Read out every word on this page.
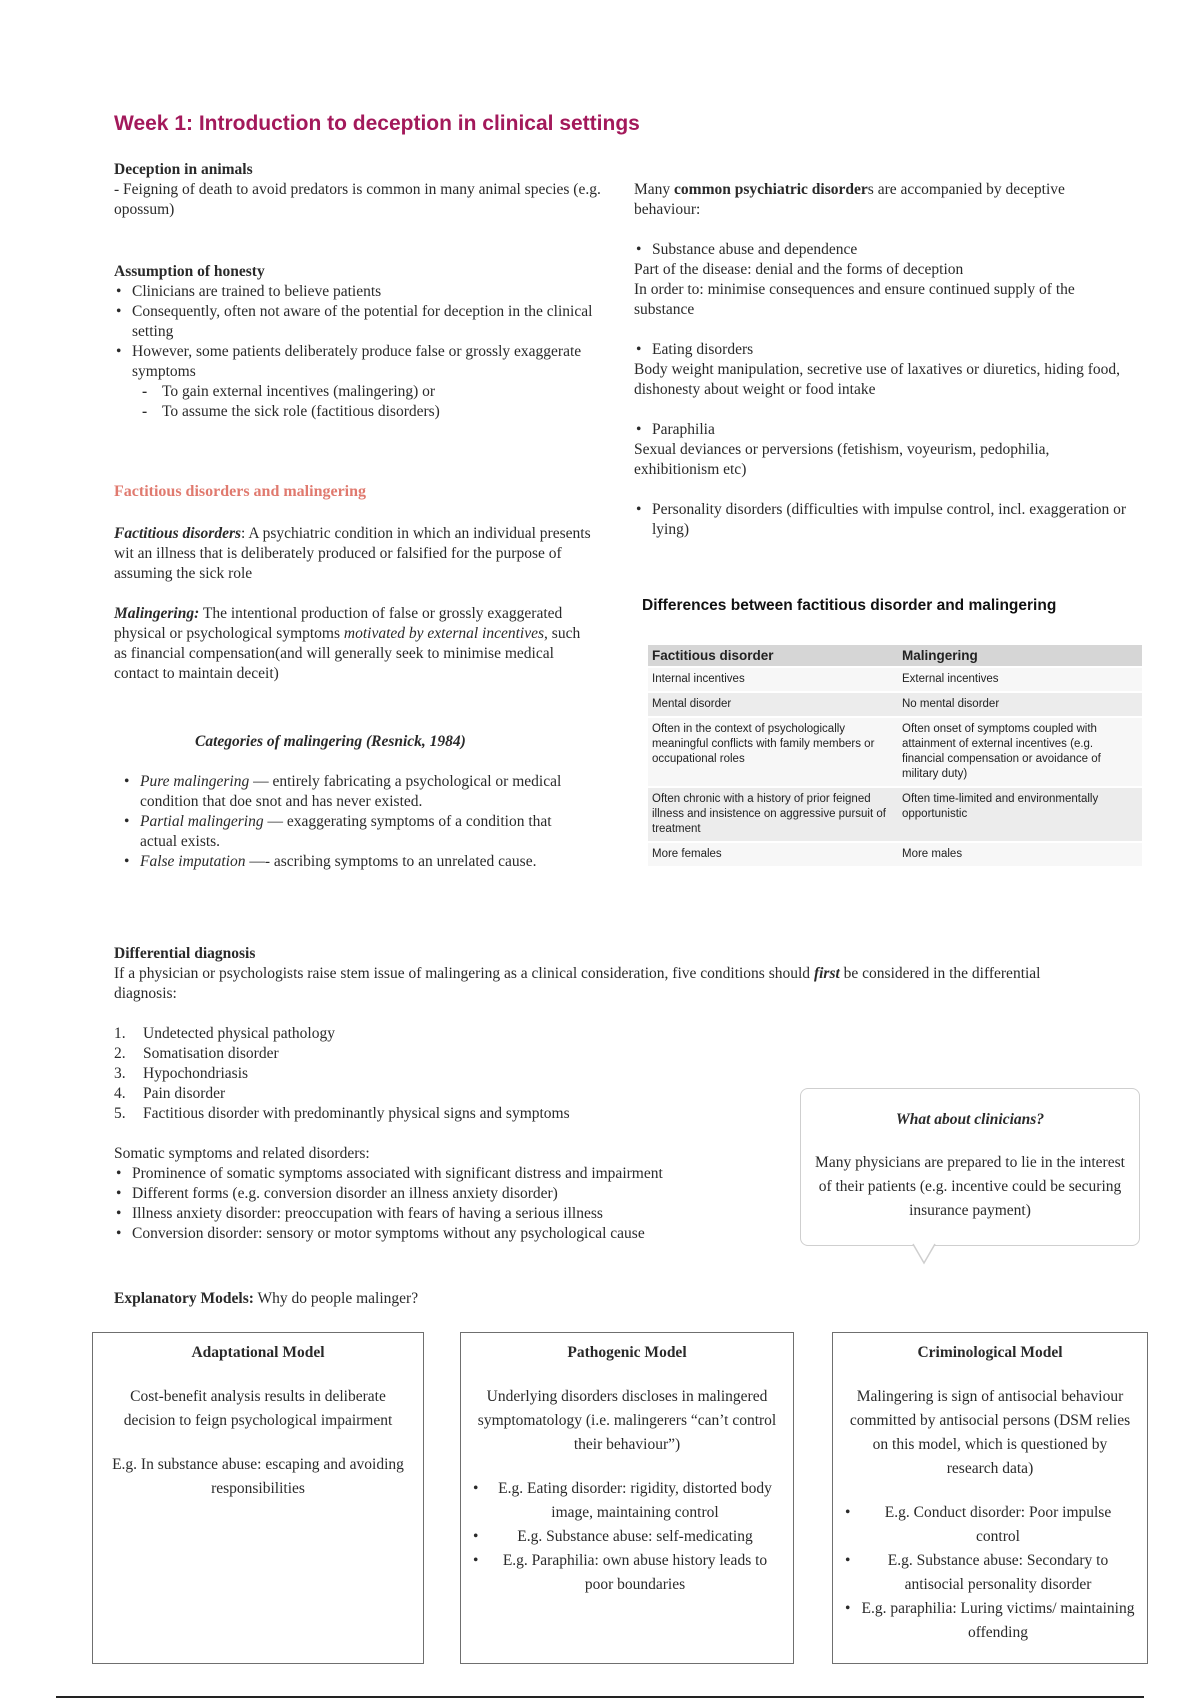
Week 1: Introduction to deception in clinical settings
Deception in animals
- Feigning of death to avoid predators is common in many animal species (e.g. opossum)
Assumption of honesty
• Clinicians are trained to believe patients
• Consequently, often not aware of the potential for deception in the clinical setting
• However, some patients deliberately produce false or grossly exaggerate symptoms
- To gain external incentives (malingering) or
- To assume the sick role (factitious disorders)
Factitious disorders and malingering

Factitious disorders: A psychiatric condition in which an individual presents wit an illness that is deliberately produced or falsified for the purpose of assuming the sick role

Malingering: The intentional production of false or grossly exaggerated physical or psychological symptoms motivated by external incentives, such as financial compensation(and will generally seek to minimise medical contact to maintain deceit)

Categories of malingering (Resnick, 1984)
• Pure malingering — entirely fabricating a psychological or medical condition that doe snot and has never existed.
• Partial malingering — exaggerating symptoms of a condition that actual exists.
• False imputation —- ascribing symptoms to an unrelated cause.

Many common psychiatric disorders are accompanied by deceptive behaviour:

• Substance abuse and dependence
Part of the disease: denial and the forms of deception
In order to: minimise consequences and ensure continued supply of the substance
• Eating disorders
Body weight manipulation, secretive use of laxatives or diuretics, hiding food, dishonesty about weight or food intake
• Paraphilia
Sexual deviances or perversions (fetishism, voyeurism, pedophilia, exhibitionism etc)
• Personality disorders (difficulties with impulse control, incl. exaggeration or lying)
Differences between factitious disorder and malingering
Factitious disorder	Malingering
Internal incentives	External incentives
Mental disorder	No mental disorder
Often in the context of psychologically meaningful conflicts with family members or occupational roles	Often onset of symptoms coupled with attainment of external incentives (e.g. financial compensation or avoidance of military duty)
Often chronic with a history of prior feigned illness and insistence on aggressive pursuit of treatment	Often time-limited and environmentally opportunistic
More females	More males
Differential diagnosis

If a physician or psychologists raise stem issue of malingering as a clinical consideration, five conditions should first be considered in the differential diagnosis:

1.	Undetected physical pathology
2.	Somatisation disorder
3.	Hypochondriasis
4.	Pain disorder
5.	Factitious disorder with predominantly physical signs and symptoms
Somatic symptoms and related disorders:
• Prominence of somatic symptoms associated with significant distress and impairment
• Different forms (e.g. conversion disorder an illness anxiety disorder)
• Illness anxiety disorder: preoccupation with fears of having a serious illness
• Conversion disorder: sensory or motor symptoms without any psychological cause
What about clinicians?
Many physicians are prepared to lie in the interest of their patients (e.g. incentive could be securing insurance payment)
Explanatory Models: Why do people malinger?
Adaptational Model
Cost-benefit analysis results in deliberate decision to feign psychological impairment
E.g. In substance abuse: escaping and avoiding responsibilities
Pathogenic Model
Underlying disorders discloses in malingered symptomatology (i.e. malingerers “can’t control their behaviour”)
• E.g. Eating disorder: rigidity, distorted body image, maintaining control
• E.g. Substance abuse: self-medicating
• E.g. Paraphilia: own abuse history leads to poor boundaries
Criminological Model
Malingering is sign of antisocial behaviour committed by antisocial persons (DSM relies on this model, which is questioned by research data)
• E.g. Conduct disorder: Poor impulse control
• E.g. Substance abuse: Secondary to antisocial personality disorder
• E.g. paraphilia: Luring victims/ maintaining offending
